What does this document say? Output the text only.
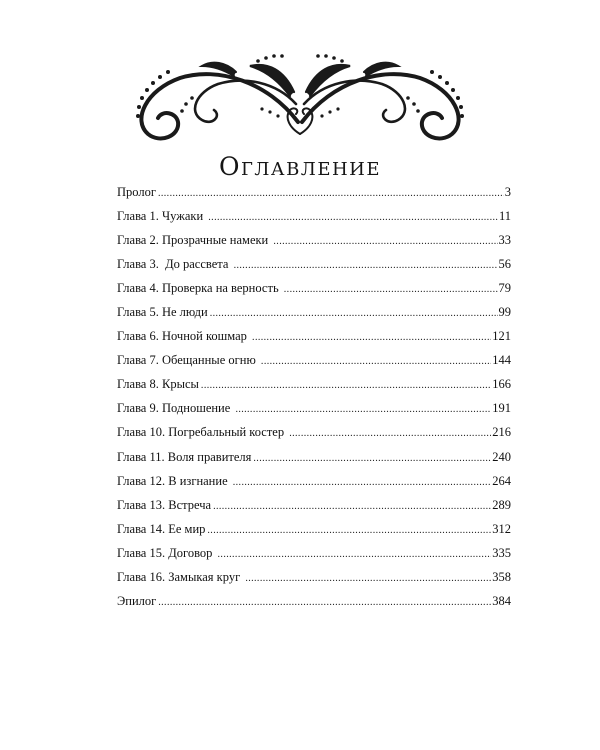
Оглавление
Пролог .....	3
Глава 1. Чужаки .....	11
Глава 2. Прозрачные намеки .....	33
Глава 3.  До рассвета .....	56
Глава 4. Проверка на верность .....	79
Глава 5. Не люди .....	99
Глава 6. Ночной кошмар .....	121
Глава 7. Обещанные огню .....	144
Глава 8. Крысы .....	166
Глава 9. Подношение .....	191
Глава 10. Погребальный костер .....	216
Глава 11. Воля правителя .....	240
Глава 12. В изгнание .....	264
Глава 13. Встреча .....	289
Глава 14. Ее мир .....	312
Глава 15. Договор .....	335
Глава 16. Замыкая круг .....	358
Эпилог .....	384
